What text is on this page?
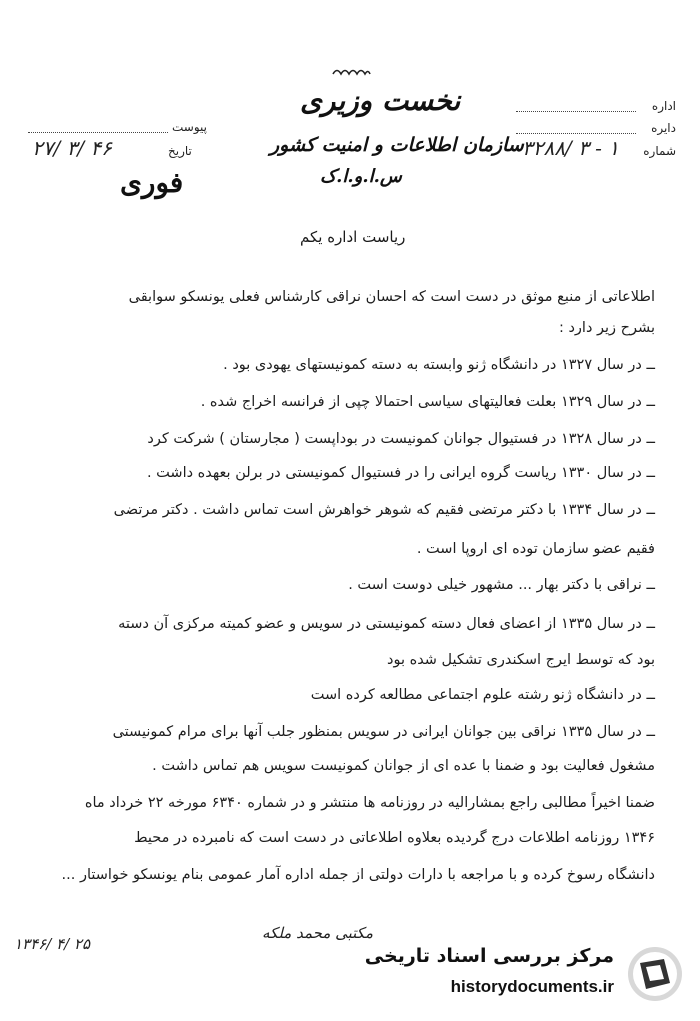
نخست وزیری
سازمان اطلاعات و امنیت کشور
س.ا.و.ا.ک
اداره
دایره
شماره
۳۲۸۸/ ۳ - ۱
پیوست
تاریخ
۲۷/ ۳/ ۴۶
فوری
ریاست اداره یکم
اطلاعاتی از منبع موثق در دست است که احسان نراقی کارشناس فعلی یونسکو سوابقی
بشرح زیر دارد :
ــ در سال ۱۳۲۷ در دانشگاه ژنو وابسته به دسته کمونیستهای یهودی بود .
ــ در سال ۱۳۲۹ بعلت فعالیتهای سیاسی احتمالا چپی از فرانسه اخراج شده .
ــ در سال ۱۳۲۸ در فستیوال جوانان کمونیست در بوداپست ( مجارستان ) شرکت کرد
ــ در سال ۱۳۳۰ ریاست گروه ایرانی را در فستیوال کمونیستی در برلن بعهده داشت .
ــ در سال ۱۳۳۴ با دکتر مرتضی فقیم که شوهر خواهرش است تماس داشت . دکتر مرتضی
فقیم عضو سازمان توده ای اروپا است .
ــ نراقی با دکتر بهار ... مشهور خیلی دوست است .
ــ در سال ۱۳۳۵ از اعضای فعال دسته کمونیستی در سویس و عضو کمیته مرکزی آن دسته
بود که توسط ایرج اسکندری تشکیل شده بود
ــ در دانشگاه ژنو رشته علوم اجتماعی مطالعه کرده است
ــ در سال ۱۳۳۵ نراقی بین جوانان ایرانی در سویس بمنظور جلب آنها برای مرام کمونیستی
مشغول فعالیت بود و ضمنا با عده ای از جوانان کمونیست سویس هم تماس داشت .
ضمنا اخیراً مطالبی راجع بمشارالیه در روزنامه ها منتشر و در شماره ۶۳۴۰ مورخه ۲۲ خرداد ماه
۱۳۴۶ روزنامه اطلاعات درج گردیده بعلاوه اطلاعاتی در دست است که نامبرده در محیط
دانشگاه رسوخ کرده و با مراجعه با دارات دولتی از جمله اداره آمار عمومی بنام یونسکو خواستار ...
مکتبی محمد ملکه
۱۳۴۶/ ۴/ ۲۵
مرکز بررسی اسناد تاریخی
historydocuments.ir
